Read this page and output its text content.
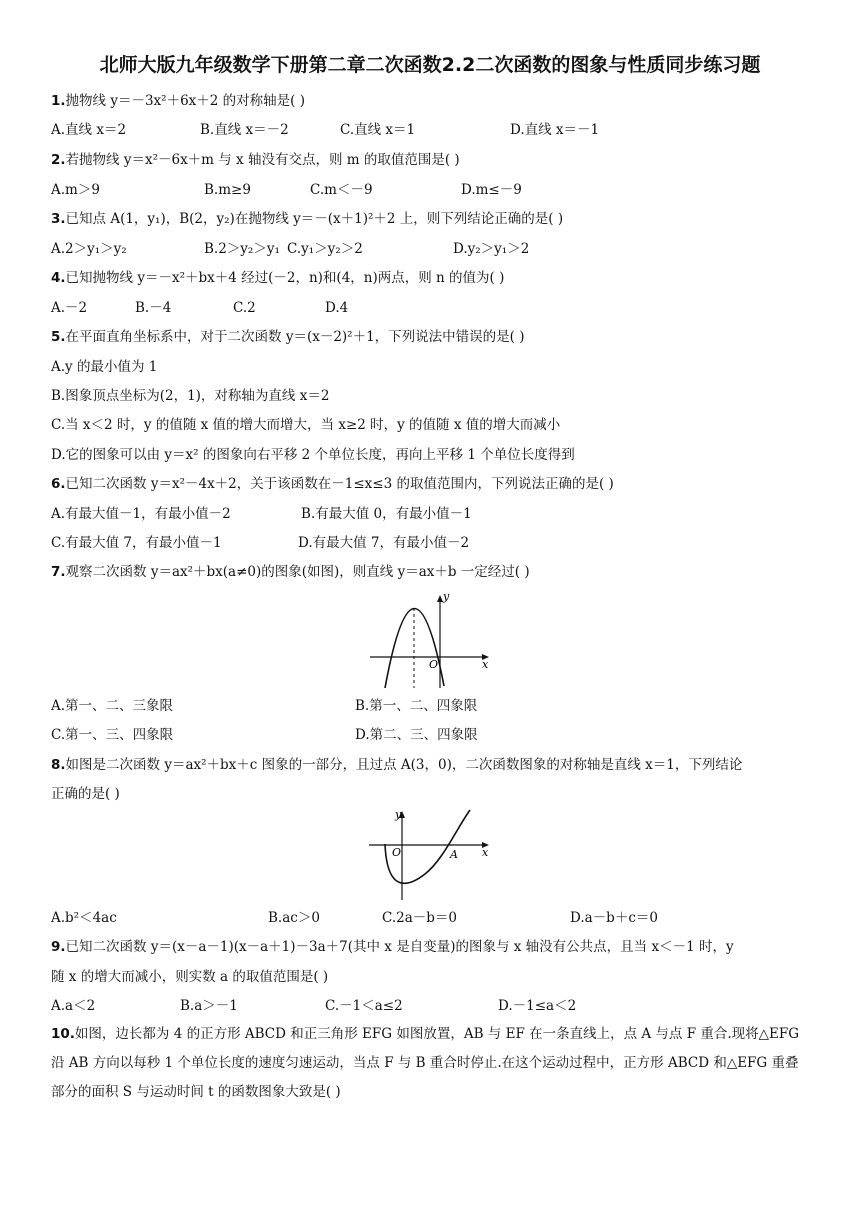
北师大版九年级数学下册第二章二次函数2.2二次函数的图象与性质同步练习题
1.抛物线 y＝－3x²＋6x＋2 的对称轴是( )
A.直线 x＝2	B.直线 x＝－2	C.直线 x＝1	D.直线 x＝－1
2.若抛物线 y＝x²－6x＋m 与 x 轴没有交点，则 m 的取值范围是( )
A.m＞9	B.m≥9	C.m＜－9	D.m≤－9
3.已知点 A(1，y₁)，B(2，y₂)在抛物线 y＝－(x＋1)²＋2 上，则下列结论正确的是( )
A.2＞y₁＞y₂	B.2＞y₂＞y₁ C.y₁＞y₂＞2	D.y₂＞y₁＞2
4.已知抛物线 y＝－x²＋bx＋4 经过(－2，n)和(4，n)两点，则 n 的值为( )
A.－2	B.－4	C.2	D.4
5.在平面直角坐标系中，对于二次函数 y＝(x－2)²＋1，下列说法中错误的是( )
A.y 的最小值为 1
B.图象顶点坐标为(2，1)，对称轴为直线 x＝2
C.当 x＜2 时，y 的值随 x 值的增大而增大，当 x≥2 时，y 的值随 x 值的增大而减小
D.它的图象可以由 y＝x² 的图象向右平移 2 个单位长度，再向上平移 1 个单位长度得到
6.已知二次函数 y＝x²－4x＋2，关于该函数在－1≤x≤3 的取值范围内，下列说法正确的是( )
A.有最大值－1，有最小值－2	B.有最大值 0，有最小值－1
C.有最大值 7，有最小值－1	D.有最大值 7，有最小值－2
7.观察二次函数 y＝ax²＋bx(a≠0)的图象(如图)，则直线 y＝ax＋b 一定经过( )
y
x
O
A.第一、二、三象限	B.第一、二、四象限
C.第一、三、四象限	D.第二、三、四象限
8.如图是二次函数 y＝ax²＋bx＋c 图象的一部分，且过点 A(3，0)，二次函数图象的对称轴是直线 x＝1，下列结论
正确的是( )
y
x
O	A
A.b²＜4ac	B.ac＞0	C.2a－b＝0	D.a－b＋c＝0
9.已知二次函数 y＝(x－a－1)(x－a＋1)－3a＋7(其中 x 是自变量)的图象与 x 轴没有公共点，且当 x＜－1 时，y
随 x 的增大而减小，则实数 a 的取值范围是( )
A.a＜2	B.a＞－1	C.－1＜a≤2	D.－1≤a＜2
10.如图，边长都为 4 的正方形 ABCD 和正三角形 EFG 如图放置，AB 与 EF 在一条直线上，点 A 与点 F 重合.现将△EFG 沿 AB 方向以每秒 1 个单位长度的速度匀速运动，当点 F 与 B 重合时停止.在这个运动过程中，正方形 ABCD 和△EFG 重叠部分的面积 S 与运动时间 t 的函数图象大致是( )
